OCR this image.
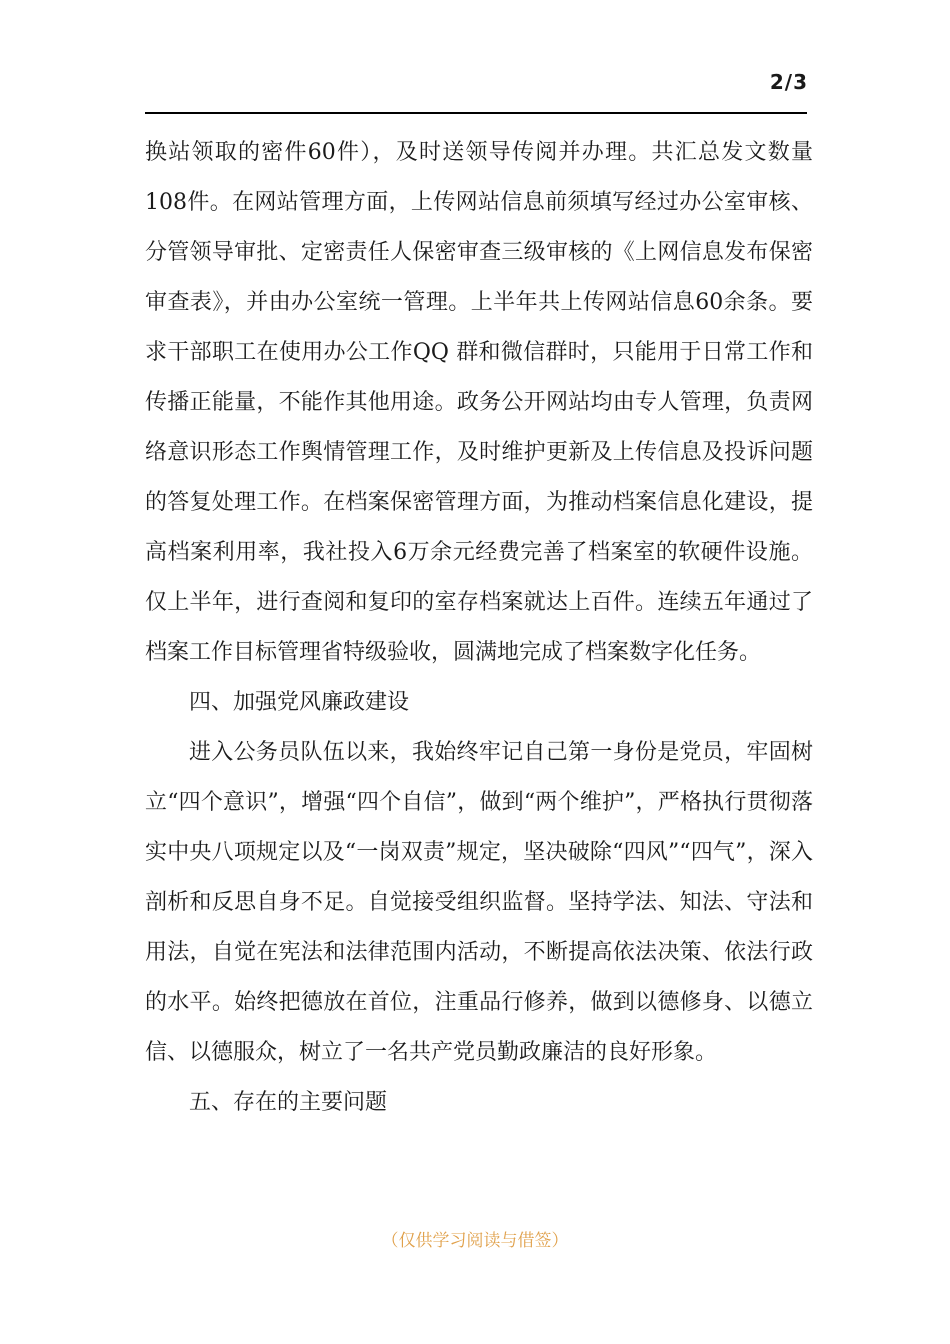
2/3

换站领取的密件60件），及时送领导传阅并办理。共汇总发文数量108件。在网站管理方面，上传网站信息前须填写经过办公室审核、分管领导审批、定密责任人保密审查三级审核的《上网信息发布保密审查表》，并由办公室统一管理。上半年共上传网站信息60余条。要求干部职工在使用办公工作QQ 群和微信群时，只能用于日常工作和传播正能量，不能作其他用途。政务公开网站均由专人管理，负责网络意识形态工作舆情管理工作，及时维护更新及上传信息及投诉问题的答复处理工作。在档案保密管理方面，为推动档案信息化建设，提高档案利用率，我社投入6万余元经费完善了档案室的软硬件设施。仅上半年，进行查阅和复印的室存档案就达上百件。连续五年通过了档案工作目标管理省特级验收，圆满地完成了档案数字化任务。

四、加强党风廉政建设

进入公务员队伍以来，我始终牢记自己第一身份是党员，牢固树立“四个意识”，增强“四个自信”，做到“两个维护”，严格执行贯彻落实中央八项规定以及“一岗双责”规定，坚决破除“四风”“四气”，深入剖析和反思自身不足。自觉接受组织监督。坚持学法、知法、守法和用法，自觉在宪法和法律范围内活动，不断提高依法决策、依法行政的水平。始终把德放在首位，注重品行修养，做到以德修身、以德立信、以德服众，树立了一名共产党员勤政廉洁的良好形象。

五、存在的主要问题

（仅供学习阅读与借签）
